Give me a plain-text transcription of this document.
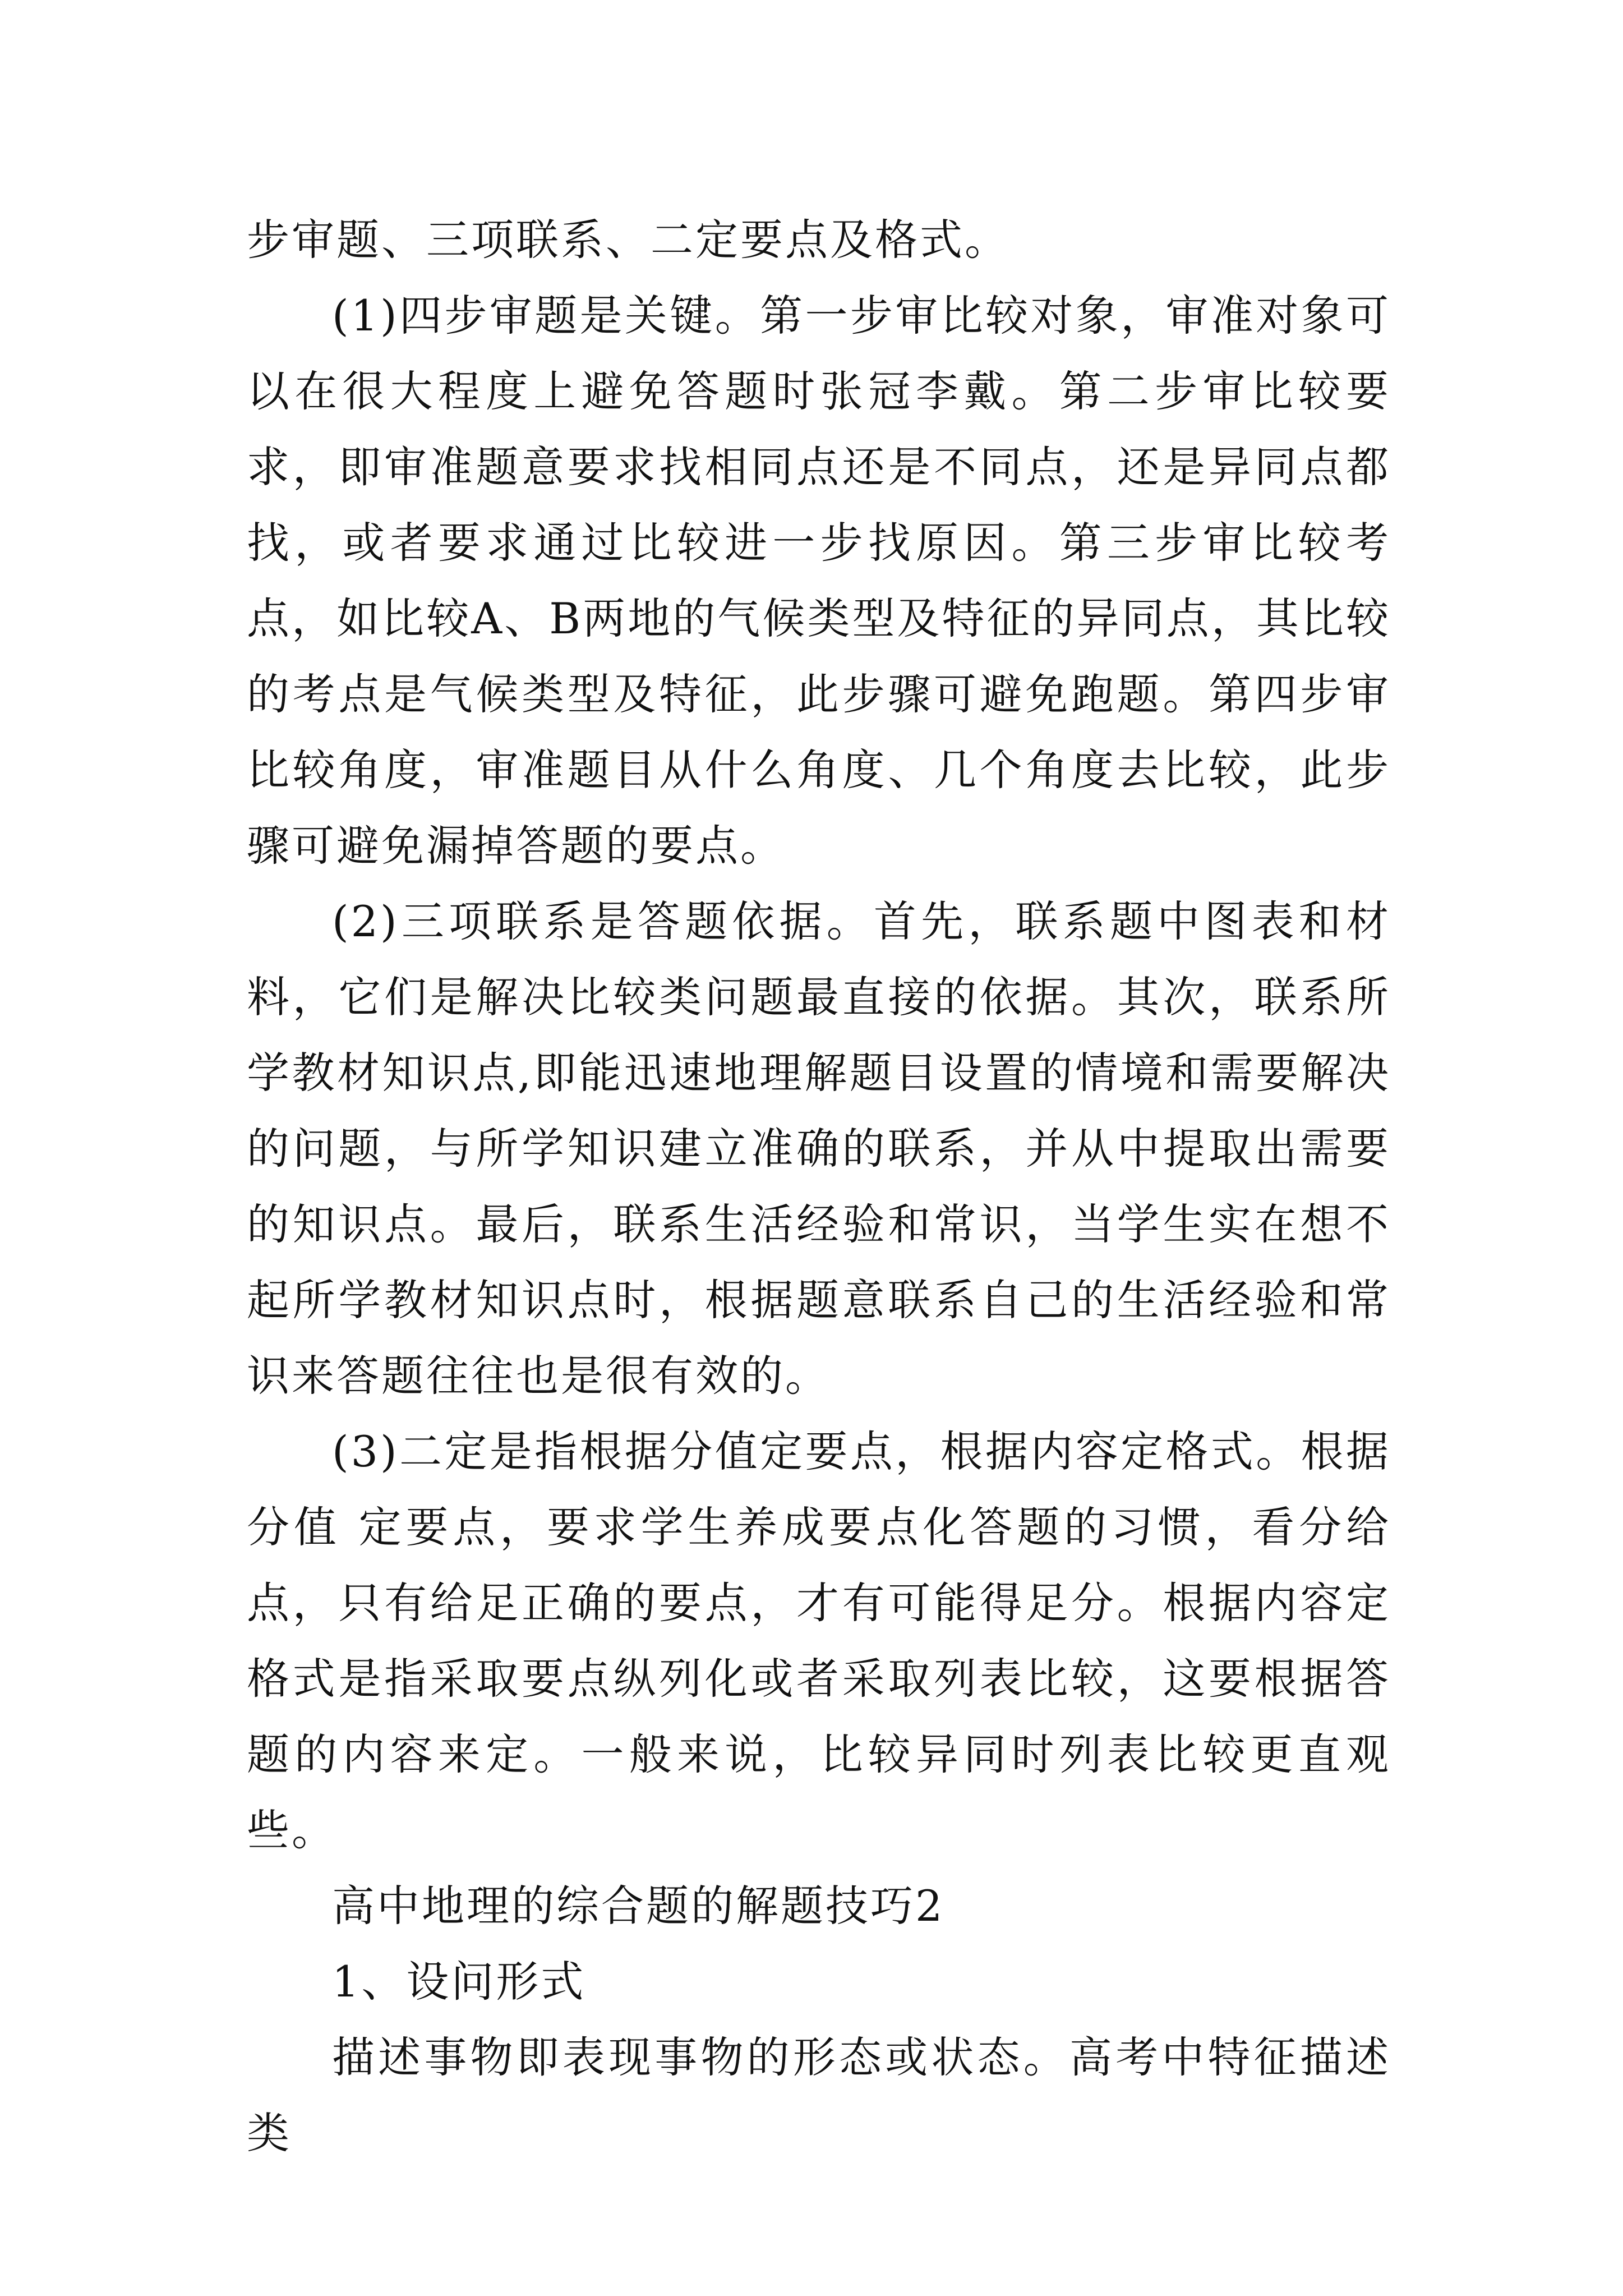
步审题、三项联系、二定要点及格式。

(1)四步审题是关键。第一步审比较对象，审准对象可以在很大程度上避免答题时张冠李戴。第二步审比较要求，即审准题意要求找相同点还是不同点，还是异同点都找，或者要求通过比较进一步找原因。第三步审比较考点，如比较A、B两地的气候类型及特征的异同点，其比较的考点是气候类型及特征，此步骤可避免跑题。第四步审比较角度，审准题目从什么角度、几个角度去比较，此步骤可避免漏掉答题的要点。

(2)三项联系是答题依据。首先，联系题中图表和材料，它们是解决比较类问题最直接的依据。其次，联系所学教材知识点,即能迅速地理解题目设置的情境和需要解决的问题，与所学知识建立准确的联系，并从中提取出需要的知识点。最后，联系生活经验和常识，当学生实在想不起所学教材知识点时，根据题意联系自己的生活经验和常识来答题往往也是很有效的。

(3)二定是指根据分值定要点，根据内容定格式。根据分值 定要点，要求学生养成要点化答题的习惯，看分给点，只有给足正确的要点，才有可能得足分。根据内容定格式是指采取要点纵列化或者采取列表比较，这要根据答题的内容来定。一般来说，比较异同时列表比较更直观些。

高中地理的综合题的解题技巧2

1、设问形式

描述事物即表现事物的形态或状态。高考中特征描述类
